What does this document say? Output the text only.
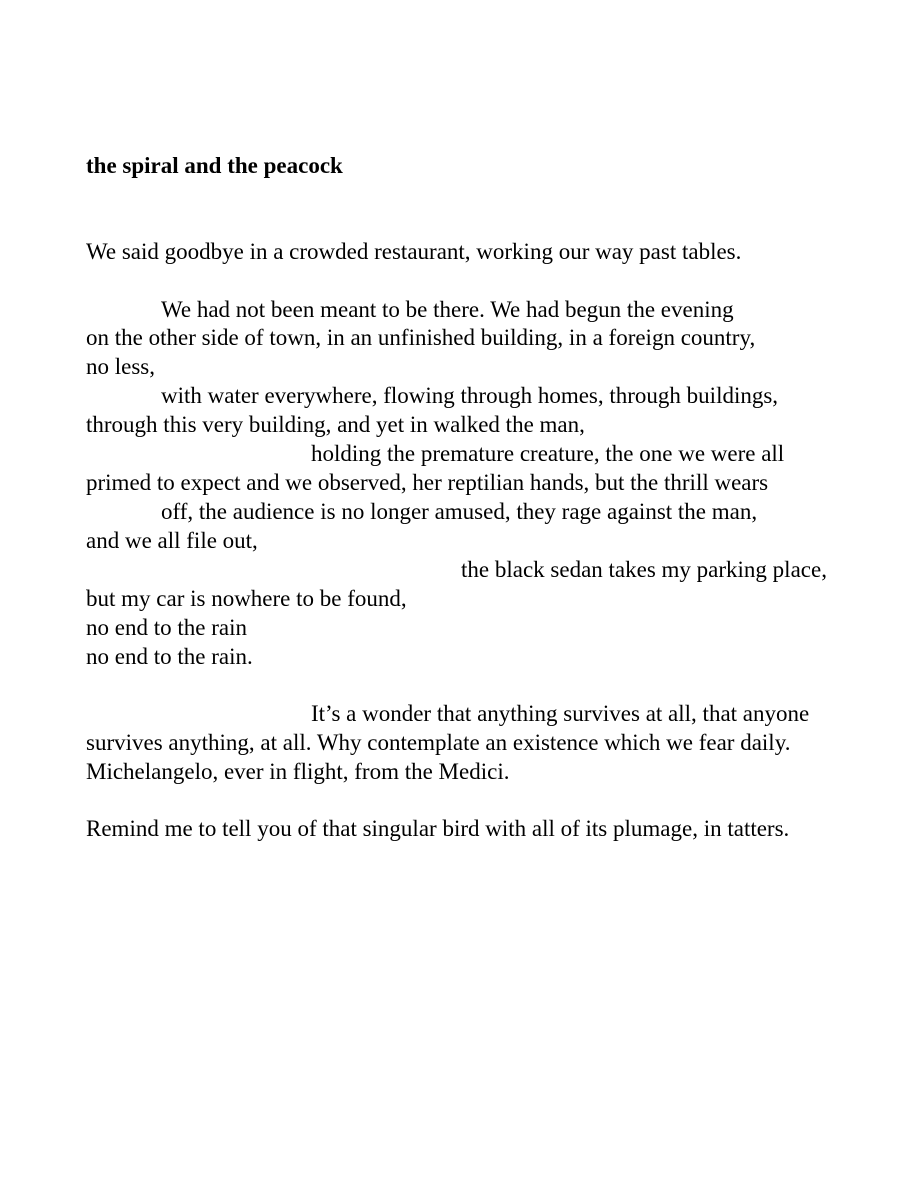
the spiral and the peacock
We said goodbye in a crowded restaurant, working our way past tables.
We had not been meant to be there. We had begun the evening
on the other side of town, in an unfinished building, in a foreign country,
no less,
with water everywhere, flowing through homes, through buildings,
through this very building, and yet in walked the man,
holding the premature creature, the one we were all
primed to expect and we observed, her reptilian hands, but the thrill wears
off, the audience is no longer amused, they rage against the man,
and we all file out,
the black sedan takes my parking place,
but my car is nowhere to be found,
no end to the rain
no end to the rain.
It’s a wonder that anything survives at all, that anyone
survives anything, at all. Why contemplate an existence which we fear daily.
Michelangelo, ever in flight, from the Medici.
Remind me to tell you of that singular bird with all of its plumage, in tatters.
